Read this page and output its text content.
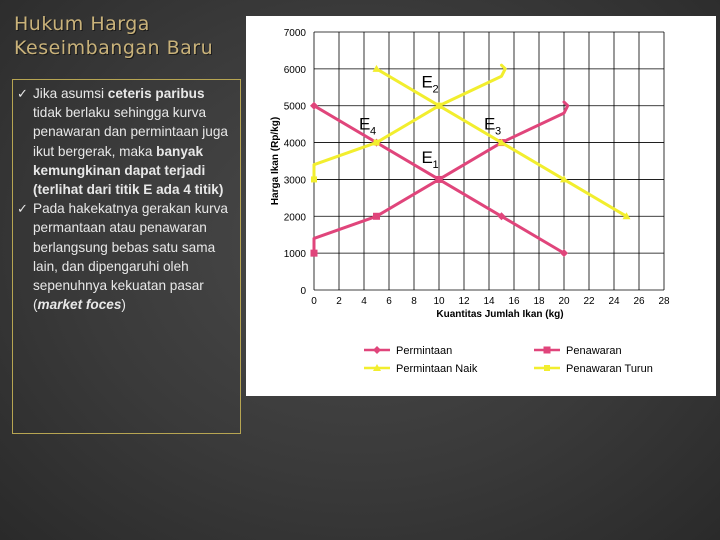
Hukum Harga
Keseimbangan Baru
✓ Jika asumsi ceteris paribus tidak berlaku sehingga kurva penawaran dan permintaan juga ikut bergerak, maka banyak kemungkinan dapat terjadi (terlihat dari titik E ada 4 titik)
✓ Pada hakekatnya gerakan kurva permantaan atau penawaran berlangsung bebas satu sama lain, dan dipengaruhi oleh sepenuhnya kekuatan pasar (market foces)
0
1000
2000
3000
4000
5000
6000
7000
0 2 4 6 8 10 12 14 16 18 20 22 24 26 28
Harga Ikan (Rp/kg)
Kuantitas Jumlah Ikan (kg)
E 2
E 4	E 3
E 1
Permintaan	Penawaran
Permintaan Naik	Penawaran Turun
